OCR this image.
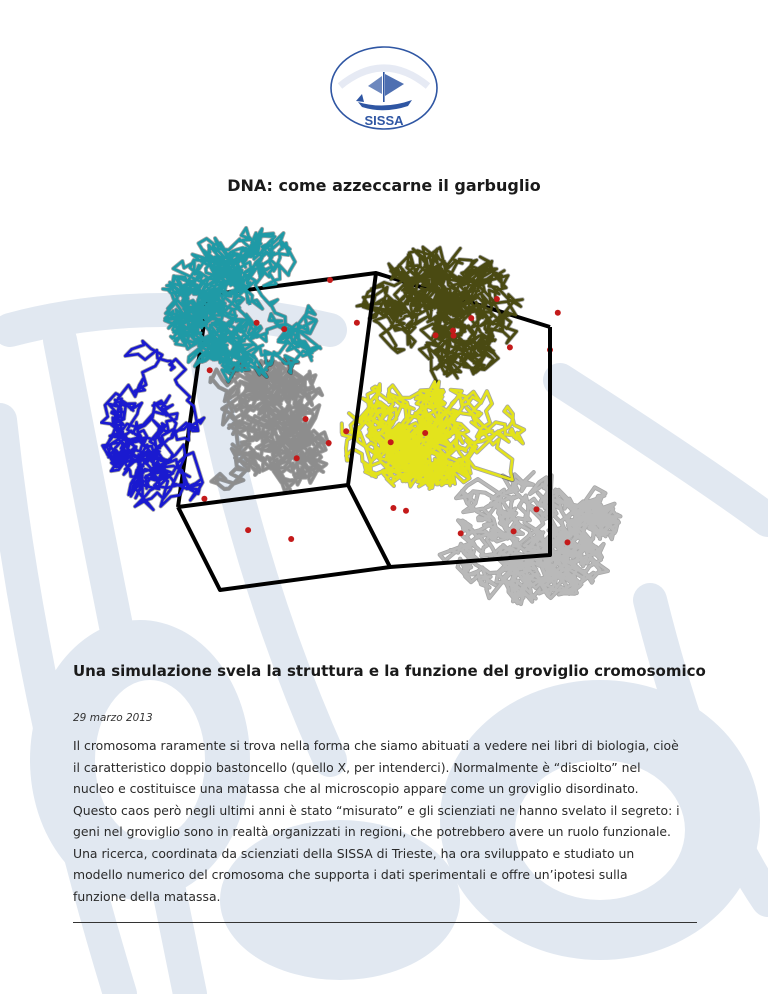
SISSA
DNA: come azzeccarne il garbuglio
Una simulazione svela la struttura e la funzione del groviglio cromosomico
29 marzo 2013
Il cromosoma raramente si trova nella forma che siamo abituati a vedere nei libri di biologia, cioè
il caratteristico doppio bastoncello (quello X, per intenderci). Normalmente è “disciolto” nel
nucleo e costituisce una matassa che al microscopio appare come un groviglio disordinato.
Questo caos però negli ultimi anni è stato “misurato” e gli scienziati ne hanno svelato il segreto: i
geni nel groviglio sono in realtà organizzati in regioni, che potrebbero avere un ruolo funzionale.
Una ricerca, coordinata da scienziati della SISSA di Trieste, ha ora sviluppato e studiato un
modello numerico del cromosoma che supporta i dati sperimentali e offre un’ipotesi sulla
funzione della matassa.
